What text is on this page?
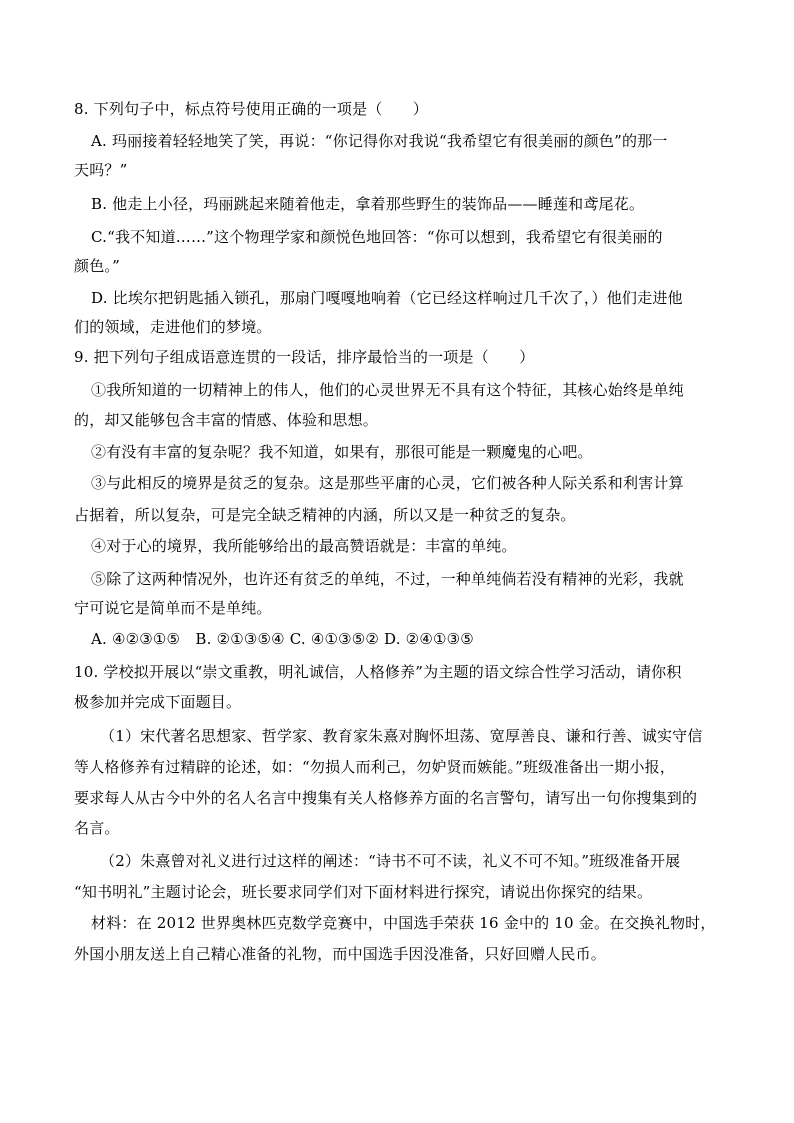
8. 下列句子中，标点符号使用正确的一项是（　　）
A. 玛丽接着轻轻地笑了笑，再说：“你记得你对我说“我希望它有很美丽的颜色”的那一
天吗？”
B. 他走上小径，玛丽跳起来随着他走，拿着那些野生的装饰品——睡莲和鸢尾花。
C.“我不知道……”这个物理学家和颜悦色地回答：“你可以想到，我希望它有很美丽的
颜色。”
D. 比埃尔把钥匙插入锁孔，那扇门嘎嘎地响着（它已经这样响过几千次了，）他们走进他
们的领域，走进他们的梦境。
9. 把下列句子组成语意连贯的一段话，排序最恰当的一项是（　　）
①我所知道的一切精神上的伟人，他们的心灵世界无不具有这个特征，其核心始终是单纯
的，却又能够包含丰富的情感、体验和思想。
②有没有丰富的复杂呢？我不知道，如果有，那很可能是一颗魔鬼的心吧。
③与此相反的境界是贫乏的复杂。这是那些平庸的心灵，它们被各种人际关系和利害计算
占据着，所以复杂，可是完全缺乏精神的内涵，所以又是一种贫乏的复杂。
④对于心的境界，我所能够给出的最高赞语就是：丰富的单纯。
⑤除了这两种情况外，也许还有贫乏的单纯，不过，一种单纯倘若没有精神的光彩，我就
宁可说它是简单而不是单纯。
A. ④②③①⑤　B. ②①③⑤④ C. ④①③⑤② D. ②④①③⑤
10. 学校拟开展以“崇文重教，明礼诚信，人格修养”为主题的语文综合性学习活动，请你积
极参加并完成下面题目。
（1）宋代著名思想家、哲学家、教育家朱熹对胸怀坦荡、宽厚善良、谦和行善、诚实守信
等人格修养有过精辟的论述，如：“勿损人而利己，勿妒贤而嫉能。”班级准备出一期小报，
要求每人从古今中外的名人名言中搜集有关人格修养方面的名言警句，请写出一句你搜集到的
名言。
（2）朱熹曾对礼义进行过这样的阐述：“诗书不可不读，礼义不可不知。”班级准备开展
“知书明礼”主题讨论会，班长要求同学们对下面材料进行探究，请说出你探究的结果。
材料：在 2012 世界奥林匹克数学竞赛中，中国选手荣获 16 金中的 10 金。在交换礼物时，
外国小朋友送上自己精心准备的礼物，而中国选手因没准备，只好回赠人民币。
